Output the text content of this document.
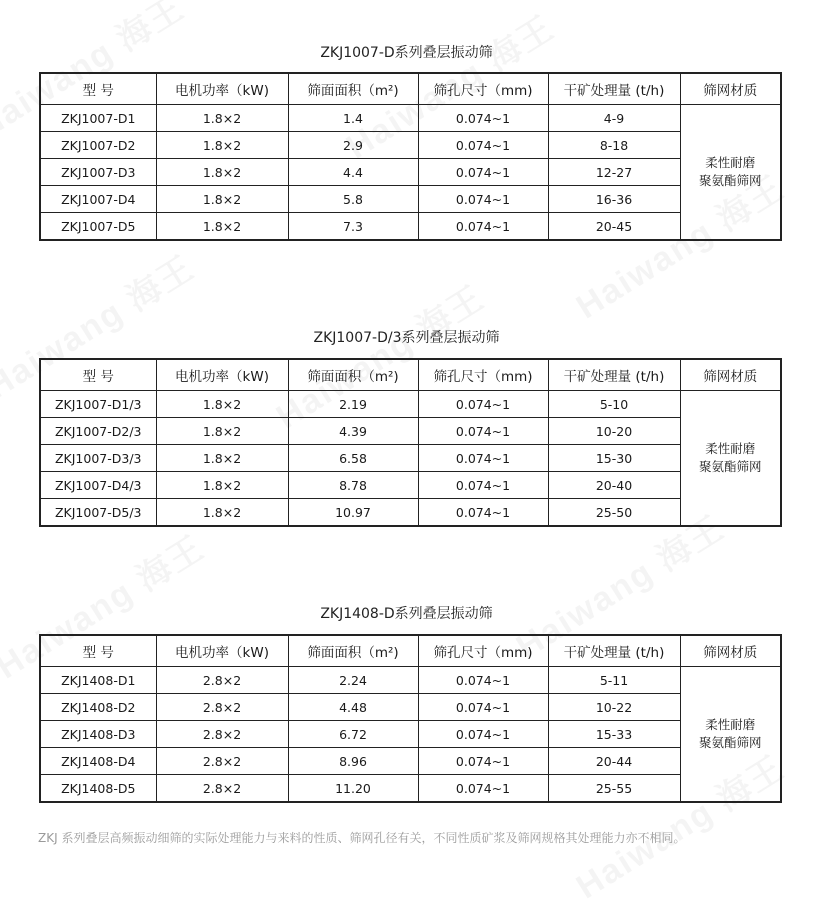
ZKJ1007-D系列叠层振动筛
型 号	电机功率（kW)	筛面面积（m²)	筛孔尺寸（mm)	干矿处理量 (t/h)	筛网材质
ZKJ1007-D1	1.8×2	1.4	0.074~1	4-9	柔性耐磨
聚氨酯筛网

ZKJ1007-D2	1.8×2	2.9	0.074~1	8-18	
ZKJ1007-D3	1.8×2	4.4	0.074~1	12-27	
ZKJ1007-D4	1.8×2	5.8	0.074~1	16-36	
ZKJ1007-D5	1.8×2	7.3	0.074~1	20-45	
ZKJ1007-D/3系列叠层振动筛
型 号	电机功率（kW)	筛面面积（m²)	筛孔尺寸（mm)	干矿处理量 (t/h)	筛网材质
ZKJ1007-D1/3	1.8×2	2.19	0.074~1	5-10	柔性耐磨
聚氨酯筛网

ZKJ1007-D2/3	1.8×2	4.39	0.074~1	10-20	
ZKJ1007-D3/3	1.8×2	6.58	0.074~1	15-30	
ZKJ1007-D4/3	1.8×2	8.78	0.074~1	20-40	
ZKJ1007-D5/3	1.8×2	10.97	0.074~1	25-50	
ZKJ1408-D系列叠层振动筛
型 号	电机功率（kW)	筛面面积（m²)	筛孔尺寸（mm)	干矿处理量 (t/h)	筛网材质
ZKJ1408-D1	2.8×2	2.24	0.074~1	5-11	柔性耐磨
聚氨酯筛网

ZKJ1408-D2	2.8×2	4.48	0.074~1	10-22	
ZKJ1408-D3	2.8×2	6.72	0.074~1	15-33	
ZKJ1408-D4	2.8×2	8.96	0.074~1	20-44	
ZKJ1408-D5	2.8×2	11.20	0.074~1	25-55	
ZKJ 系列叠层高频振动细筛的实际处理能力与来料的性质、筛网孔径有关，不同性质矿浆及筛网规格其处理能力亦不相同。
